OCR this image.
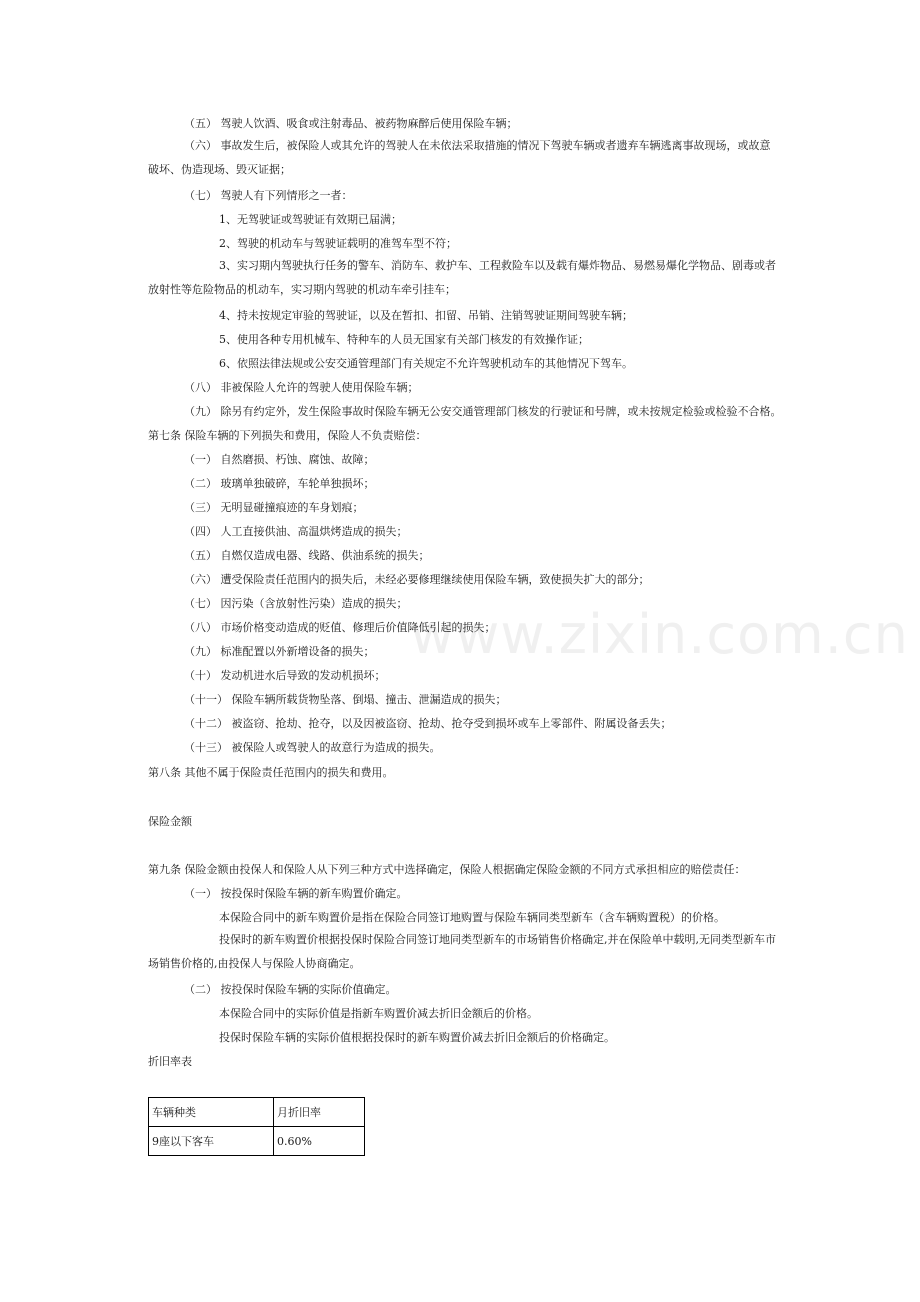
www.zixin.com.cn
（五） 驾驶人饮酒、吸食或注射毒品、被药物麻醉后使用保险车辆；
（六） 事故发生后，被保险人或其允许的驾驶人在未依法采取措施的情况下驾驶车辆或者遗弃车辆逃离事故现场，或故意破坏、伪造现场、毁灭证据；
（七） 驾驶人有下列情形之一者：
1、无驾驶证或驾驶证有效期已届满；
2、驾驶的机动车与驾驶证载明的准驾车型不符；
3、实习期内驾驶执行任务的警车、消防车、救护车、工程救险车以及载有爆炸物品、易燃易爆化学物品、剧毒或者放射性等危险物品的机动车，实习期内驾驶的机动车牵引挂车；
4、持未按规定审验的驾驶证，以及在暂扣、扣留、吊销、注销驾驶证期间驾驶车辆；
5、使用各种专用机械车、特种车的人员无国家有关部门核发的有效操作证；
6、依照法律法规或公安交通管理部门有关规定不允许驾驶机动车的其他情况下驾车。
（八） 非被保险人允许的驾驶人使用保险车辆；
（九） 除另有约定外，发生保险事故时保险车辆无公安交通管理部门核发的行驶证和号牌，或未按规定检验或检验不合格。
第七条 保险车辆的下列损失和费用，保险人不负责赔偿：
（一） 自然磨损、朽蚀、腐蚀、故障；
（二） 玻璃单独破碎，车轮单独损坏；
（三） 无明显碰撞痕迹的车身划痕；
（四） 人工直接供油、高温烘烤造成的损失；
（五） 自燃仅造成电器、线路、供油系统的损失；
（六） 遭受保险责任范围内的损失后，未经必要修理继续使用保险车辆，致使损失扩大的部分；
（七） 因污染（含放射性污染）造成的损失；
（八） 市场价格变动造成的贬值、修理后价值降低引起的损失；
（九） 标准配置以外新增设备的损失；
（十） 发动机进水后导致的发动机损坏；
（十一） 保险车辆所载货物坠落、倒塌、撞击、泄漏造成的损失；
（十二） 被盗窃、抢劫、抢夺，以及因被盗窃、抢劫、抢夺受到损坏或车上零部件、附属设备丢失；
（十三） 被保险人或驾驶人的故意行为造成的损失。
第八条 其他不属于保险责任范围内的损失和费用。
保险金额
第九条 保险金额由投保人和保险人从下列三种方式中选择确定，保险人根据确定保险金额的不同方式承担相应的赔偿责任：
（一） 按投保时保险车辆的新车购置价确定。
本保险合同中的新车购置价是指在保险合同签订地购置与保险车辆同类型新车（含车辆购置税）的价格。
投保时的新车购置价根据投保时保险合同签订地同类型新车的市场销售价格确定,并在保险单中载明,无同类型新车市场销售价格的,由投保人与保险人协商确定。
（二） 按投保时保险车辆的实际价值确定。
本保险合同中的实际价值是指新车购置价减去折旧金额后的价格。
投保时保险车辆的实际价值根据投保时的新车购置价减去折旧金额后的价格确定。
折旧率表
车辆种类	月折旧率
9座以下客车	0.60%
